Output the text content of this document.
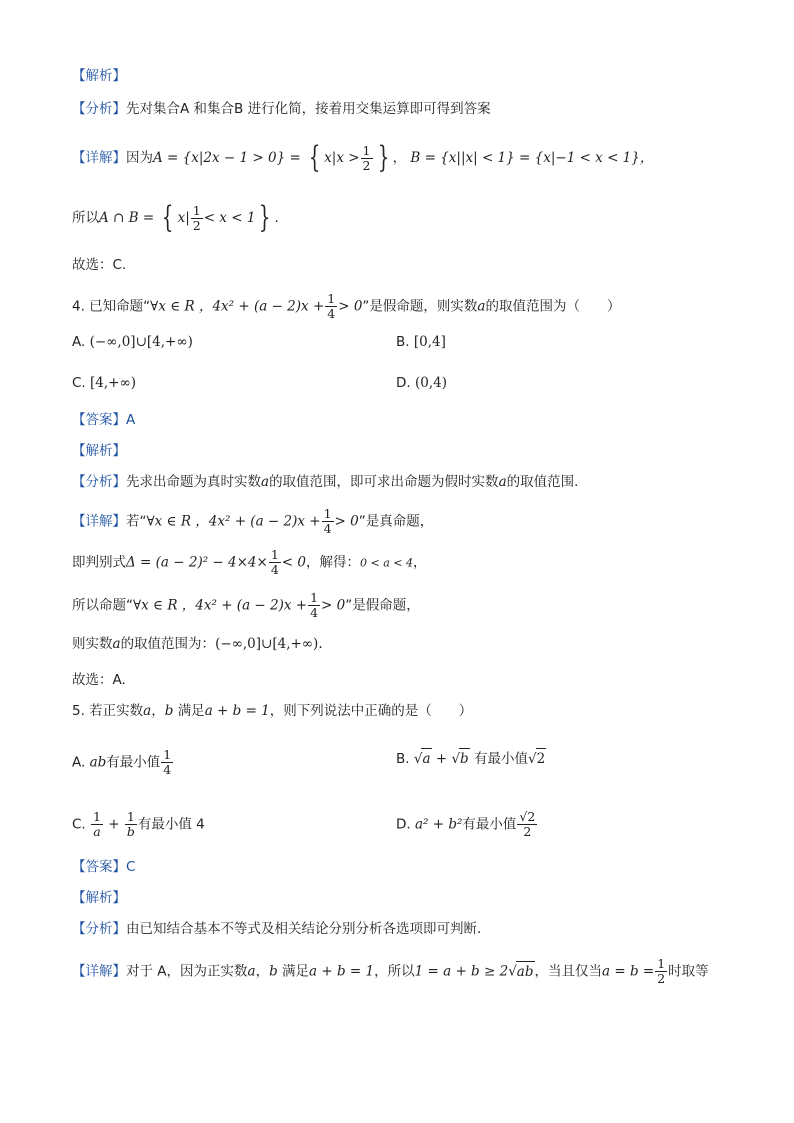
【解析】
【分析】先对集合A 和集合B 进行化简，接着用交集运算即可得到答案
【详解】因为A = {x|2x − 1 > 0} = { $x|x > \frac{1}{2}$ } ， B = {x||x| < 1} = {x|−1 < x < 1}，
所以A ∩ B = { $x| \frac{1}{2} < x < 1$ } .
故选：C.
4. 已知命题“∀x ∈ R ，$4x^2 + (a - 2)x + \frac{1}{4} > 0$”是假命题，则实数a的取值范围为（　　）
A. (−∞,0]∪[4,+∞)	B. [0,4]
C. [4,+∞)	D. (0,4)
【答案】A
【解析】
【分析】先求出命题为真时实数a的取值范围，即可求出命题为假时实数a的取值范围.
【详解】若“∀x ∈ R ，$4x^2 + (a - 2)x + \frac{1}{4} > 0$”是真命题，
即判别式$\Delta = (a - 2)^2 - 4\times 4\times \frac{1}{4} < 0$，解得：0 < a < 4，
所以命题“∀x ∈ R ，$4x^2 + (a - 2)x + \frac{1}{4} > 0$”是假命题，
则实数a的取值范围为：(−∞,0]∪[4,+∞).
故选：A.
5. 若正实数a，b 满足a + b = 1，则下列说法中正确的是（　　）
A. ab有最小值 $\frac{1}{4}$	B. √a + √b 有最小值√2
C. $\frac{1}{a} + \frac{1}{b}$ 有最小值 4	D. a² + b²有最小值 $\frac{√2}{2}$
【答案】C
【解析】
【分析】由已知结合基本不等式及相关结论分别分析各选项即可判断．
【详解】对于 A，因为正实数a，b 满足a + b = 1，所以1 = a + b ≥ 2√ab，当且仅当$a = b = \frac{1}{2}$ 时取等
